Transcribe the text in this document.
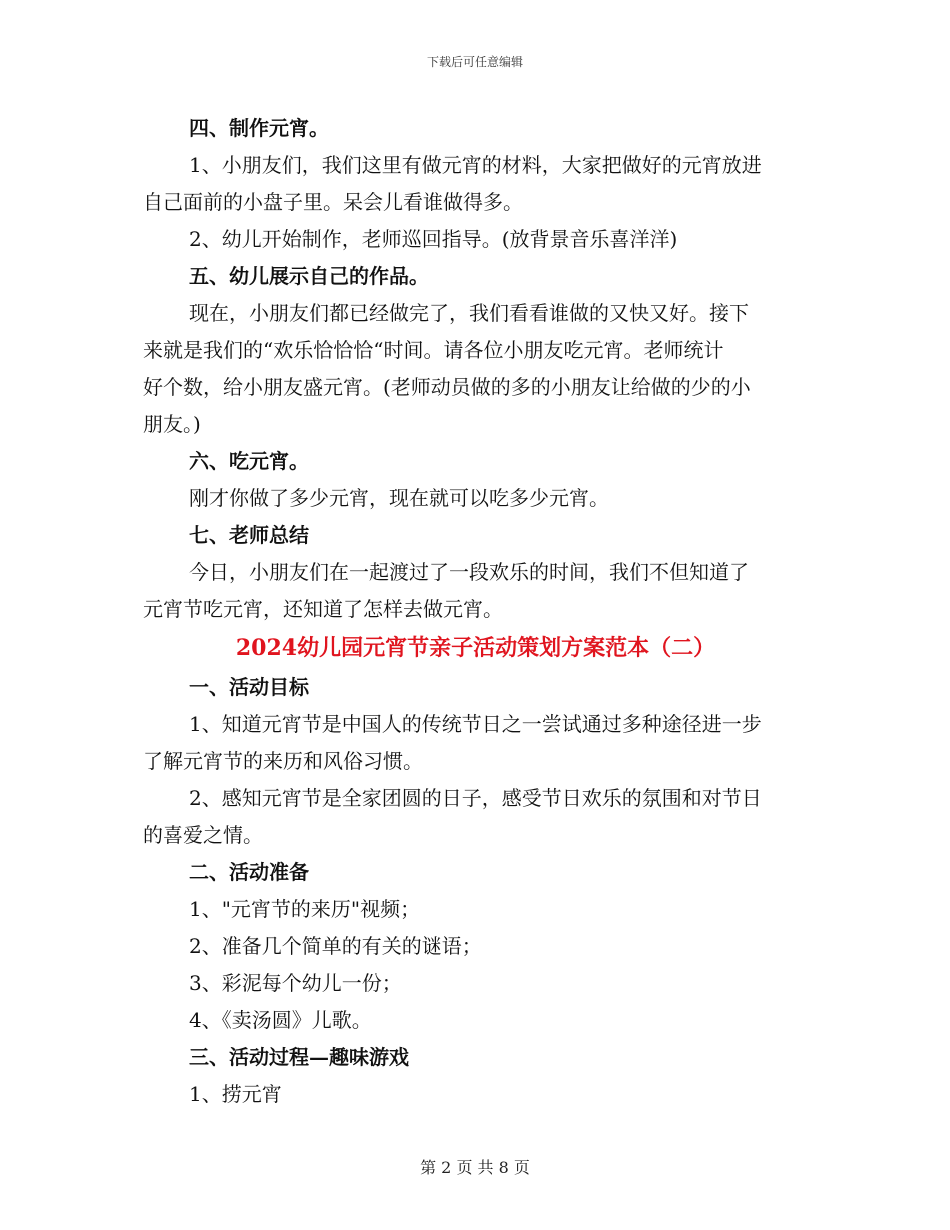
下载后可任意编辑

四、制作元宵。

1、小朋友们，我们这里有做元宵的材料，大家把做好的元宵放进

自己面前的小盘子里。呆会儿看谁做得多。

2、幼儿开始制作，老师巡回指导。(放背景音乐喜洋洋)

五、幼儿展示自己的作品。

现在，小朋友们都已经做完了，我们看看谁做的又快又好。接下

来就是我们的“欢乐恰恰恰“时间。请各位小朋友吃元宵。老师统计

好个数，给小朋友盛元宵。(老师动员做的多的小朋友让给做的少的小

朋友。)

六、吃元宵。

刚才你做了多少元宵，现在就可以吃多少元宵。

七、老师总结

今日，小朋友们在一起渡过了一段欢乐的时间，我们不但知道了

元宵节吃元宵，还知道了怎样去做元宵。

2024幼儿园元宵节亲子活动策划方案范本（二）

一、活动目标

1、知道元宵节是中国人的传统节日之一尝试通过多种途径进一步

了解元宵节的来历和风俗习惯。

2、感知元宵节是全家团圆的日子，感受节日欢乐的氛围和对节日

的喜爱之情。

二、活动准备

1、"元宵节的来历"视频；

2、准备几个简单的有关的谜语；

3、彩泥每个幼儿一份；

4、《卖汤圆》儿歌。

三、活动过程—趣味游戏

1、捞元宵

第 2 页 共 8 页
